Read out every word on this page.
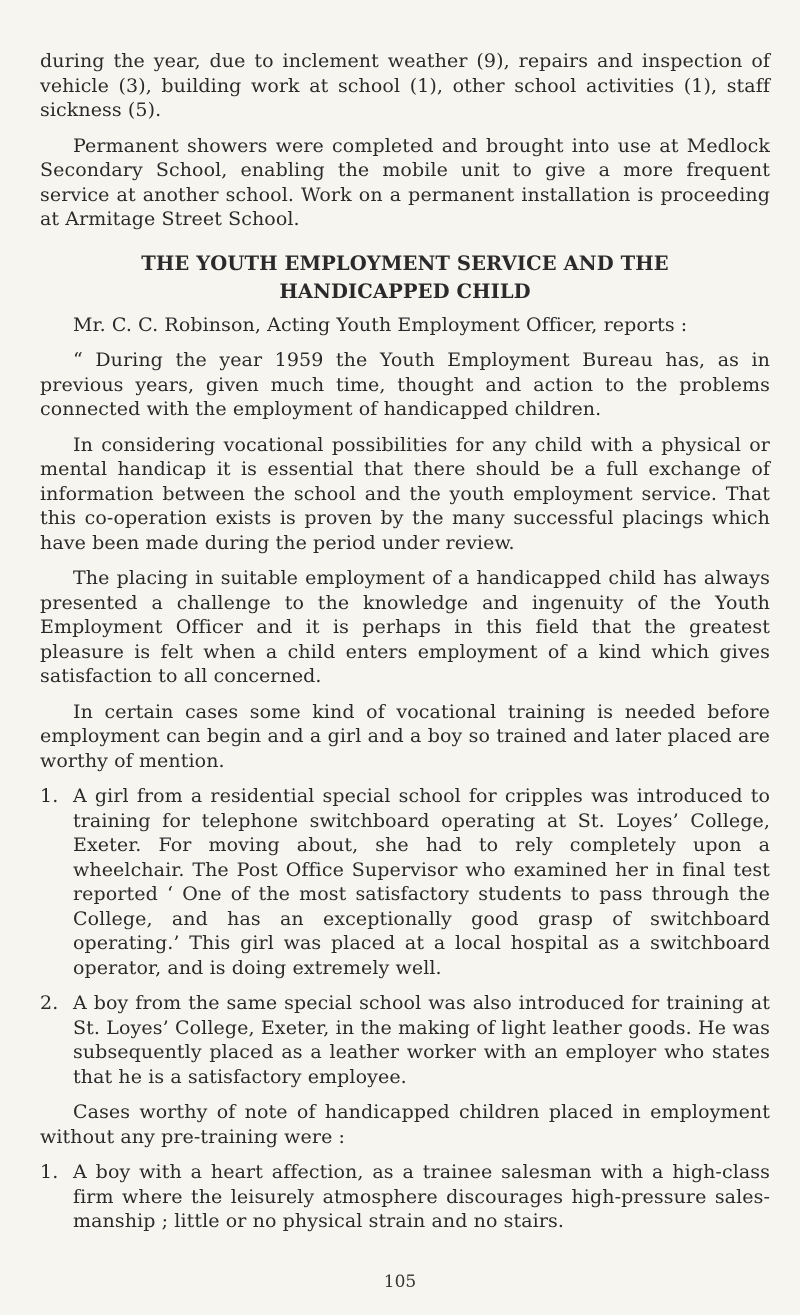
during the year, due to inclement weather (9), repairs and inspection of vehicle (3), building work at school (1), other school activities (1), staff sickness (5).

Permanent showers were completed and brought into use at Medlock Secondary School, enabling the mobile unit to give a more frequent service at another school. Work on a permanent installation is proceeding at Armitage Street School.

THE YOUTH EMPLOYMENT SERVICE AND THE HANDICAPPED CHILD

Mr. C. C. Robinson, Acting Youth Employment Officer, reports :

“ During the year 1959 the Youth Employment Bureau has, as in previous years, given much time, thought and action to the problems connected with the employment of handicapped children.

In considering vocational possibilities for any child with a physical or mental handicap it is essential that there should be a full exchange of information between the school and the youth employment service. That this co-operation exists is proven by the many successful placings which have been made during the period under review.

The placing in suitable employment of a handicapped child has always presented a challenge to the knowledge and ingenuity of the Youth Employment Officer and it is perhaps in this field that the greatest pleasure is felt when a child enters employment of a kind which gives satisfaction to all concerned.

In certain cases some kind of vocational training is needed before employment can begin and a girl and a boy so trained and later placed are worthy of mention.

1. A girl from a residential special school for cripples was introduced to training for telephone switchboard operating at St. Loyes’ College, Exeter. For moving about, she had to rely completely upon a wheelchair. The Post Office Supervisor who examined her in final test reported ‘ One of the most satisfactory students to pass through the College, and has an exceptionally good grasp of switchboard operating.’ This girl was placed at a local hospital as a switchboard operator, and is doing extremely well.
2. A boy from the same special school was also introduced for training at St. Loyes’ College, Exeter, in the making of light leather goods. He was subsequently placed as a leather worker with an employer who states that he is a satisfactory employee.

Cases worthy of note of handicapped children placed in employment without any pre-training were :

1. A boy with a heart affection, as a trainee salesman with a high-class firm where the leisurely atmosphere discourages high-pressure sales- manship ; little or no physical strain and no stairs.
105
